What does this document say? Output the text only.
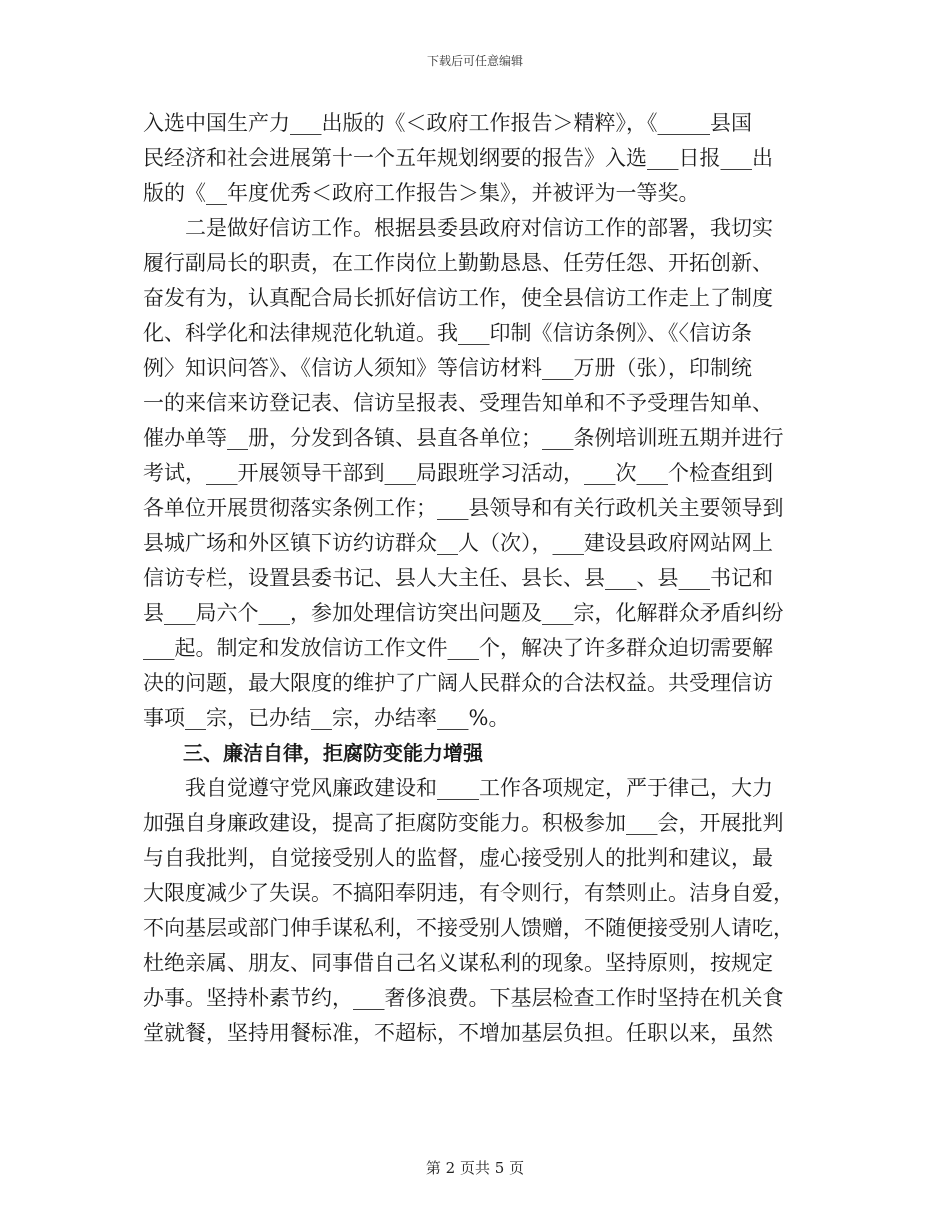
下载后可任意编辑
入选中国生产力___出版的《＜政府工作报告＞精粹》，《_____县国
民经济和社会进展第十一个五年规划纲要的报告》入选___日报___出
版的《__年度优秀＜政府工作报告＞集》，并被评为一等奖。
　　二是做好信访工作。根据县委县政府对信访工作的部署，我切实
履行副局长的职责，在工作岗位上勤勤恳恳、任劳任怨、开拓创新、
奋发有为，认真配合局长抓好信访工作，使全县信访工作走上了制度
化、科学化和法律规范化轨道。我___印制《信访条例》、《〈信访条
例〉知识问答》、《信访人须知》等信访材料___万册（张），印制统
一的来信来访登记表、信访呈报表、受理告知单和不予受理告知单、
催办单等__册，分发到各镇、县直各单位；___条例培训班五期并进行
考试，___开展领导干部到___局跟班学习活动，___次___个检查组到
各单位开展贯彻落实条例工作；___县领导和有关行政机关主要领导到
县城广场和外区镇下访约访群众__人（次），___建设县政府网站网上
信访专栏，设置县委书记、县人大主任、县长、县___、县___书记和
县___局六个___，参加处理信访突出问题及___宗，化解群众矛盾纠纷
___起。制定和发放信访工作文件___个，解决了许多群众迫切需要解
决的问题，最大限度的维护了广阔人民群众的合法权益。共受理信访
事项__宗，已办结__宗，办结率___%。
　　三、廉洁自律，拒腐防变能力增强
　　我自觉遵守党风廉政建设和____工作各项规定，严于律己，大力
加强自身廉政建设，提高了拒腐防变能力。积极参加___会，开展批判
与自我批判，自觉接受别人的监督，虚心接受别人的批判和建议，最
大限度减少了失误。不搞阳奉阴违，有令则行，有禁则止。洁身自爱，
不向基层或部门伸手谋私利，不接受别人馈赠，不随便接受别人请吃，
杜绝亲属、朋友、同事借自己名义谋私利的现象。坚持原则，按规定
办事。坚持朴素节约，___奢侈浪费。下基层检查工作时坚持在机关食
堂就餐，坚持用餐标准，不超标，不增加基层负担。任职以来，虽然
第 2 页共 5 页
